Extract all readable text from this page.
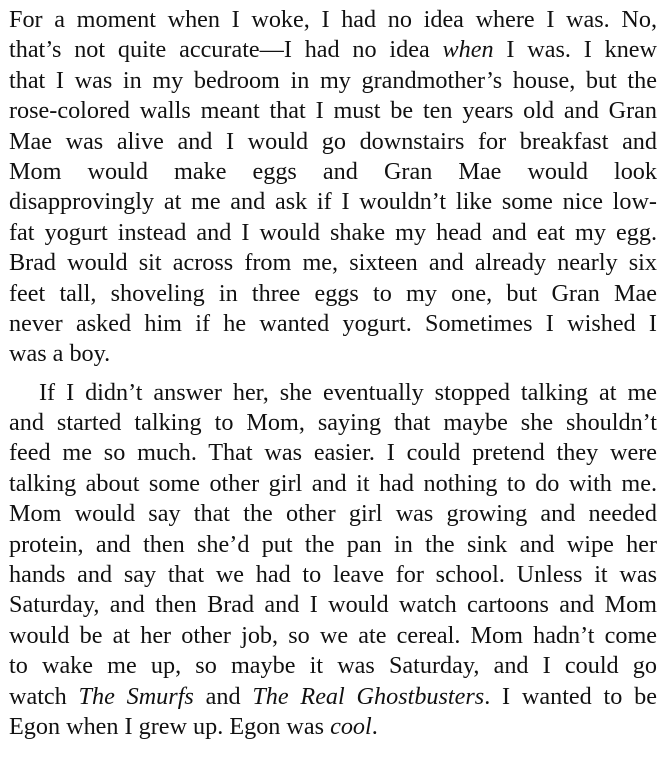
For a moment when I woke, I had no idea where I was. No,
that’s not quite accurate—I had no idea when I was. I knew
that I was in my bedroom in my grandmother’s house, but the
rose-colored walls meant that I must be ten years old and Gran
Mae was alive and I would go downstairs for breakfast and
Mom would make eggs and Gran Mae would look
disapprovingly at me and ask if I wouldn’t like some nice low-
fat yogurt instead and I would shake my head and eat my egg.
Brad would sit across from me, sixteen and already nearly six
feet tall, shoveling in three eggs to my one, but Gran Mae
never asked him if he wanted yogurt. Sometimes I wished I
was a boy.
If I didn’t answer her, she eventually stopped talking at me
and started talking to Mom, saying that maybe she shouldn’t
feed me so much. That was easier. I could pretend they were
talking about some other girl and it had nothing to do with me.
Mom would say that the other girl was growing and needed
protein, and then she’d put the pan in the sink and wipe her
hands and say that we had to leave for school. Unless it was
Saturday, and then Brad and I would watch cartoons and Mom
would be at her other job, so we ate cereal. Mom hadn’t come
to wake me up, so maybe it was Saturday, and I could go
watch The Smurfs and The Real Ghostbusters. I wanted to be
Egon when I grew up. Egon was cool.
